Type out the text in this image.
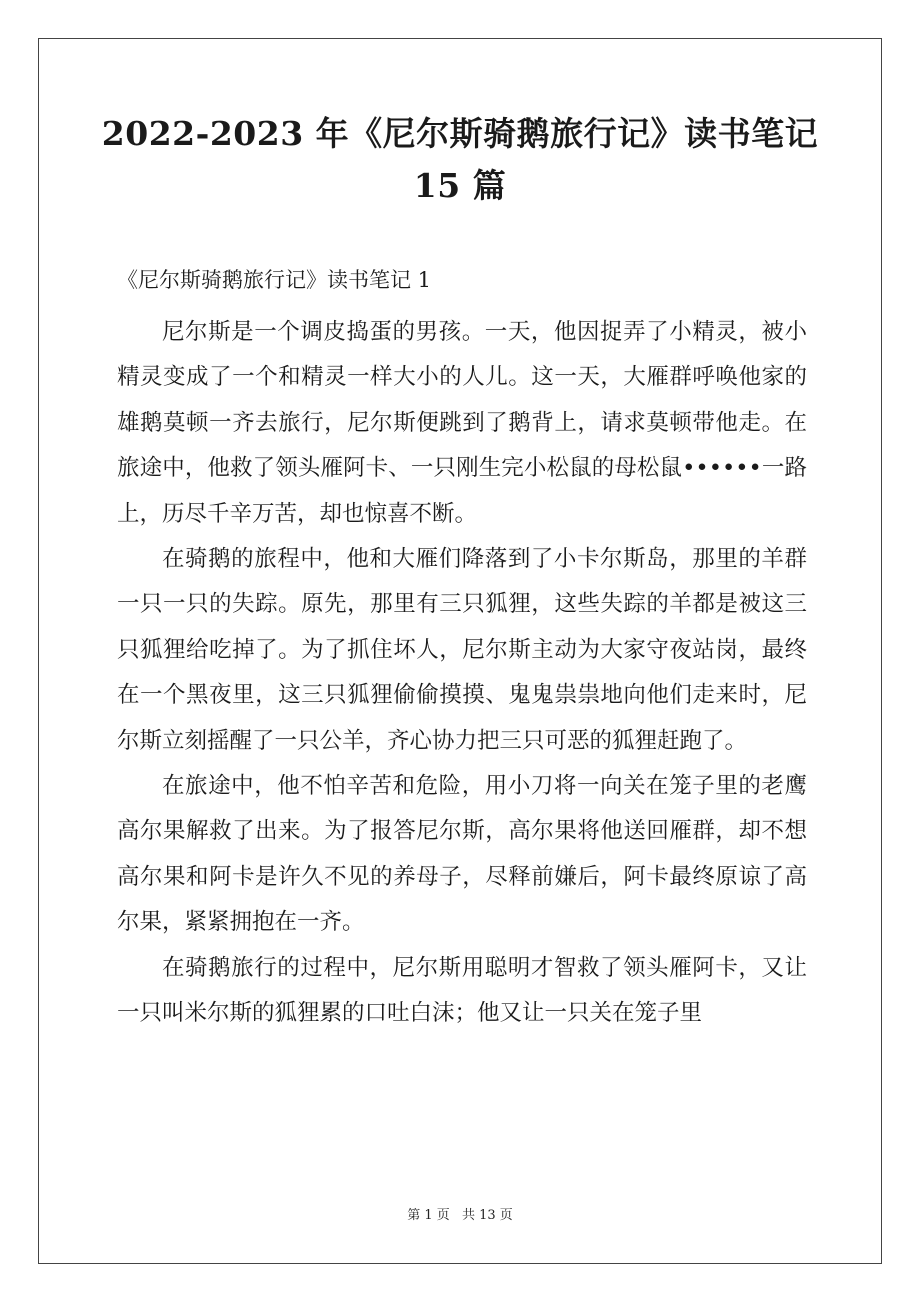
2022-2023 年《尼尔斯骑鹅旅行记》读书笔记 15 篇

《尼尔斯骑鹅旅行记》读书笔记 1

尼尔斯是一个调皮捣蛋的男孩。一天，他因捉弄了小精灵，被小精灵变成了一个和精灵一样大小的人儿。这一天，大雁群呼唤他家的雄鹅莫顿一齐去旅行，尼尔斯便跳到了鹅背上，请求莫顿带他走。在旅途中，他救了领头雁阿卡、一只刚生完小松鼠的母松鼠••••••一路上，历尽千辛万苦，却也惊喜不断。

在骑鹅的旅程中，他和大雁们降落到了小卡尔斯岛，那里的羊群一只一只的失踪。原先，那里有三只狐狸，这些失踪的羊都是被这三只狐狸给吃掉了。为了抓住坏人，尼尔斯主动为大家守夜站岗，最终在一个黑夜里，这三只狐狸偷偷摸摸、鬼鬼祟祟地向他们走来时，尼尔斯立刻摇醒了一只公羊，齐心协力把三只可恶的狐狸赶跑了。

在旅途中，他不怕辛苦和危险，用小刀将一向关在笼子里的老鹰高尔果解救了出来。为了报答尼尔斯，高尔果将他送回雁群，却不想高尔果和阿卡是许久不见的养母子，尽释前嫌后，阿卡最终原谅了高尔果，紧紧拥抱在一齐。

在骑鹅旅行的过程中，尼尔斯用聪明才智救了领头雁阿卡，又让一只叫米尔斯的狐狸累的口吐白沫；他又让一只关在笼子里

第 1 页 共 13 页
